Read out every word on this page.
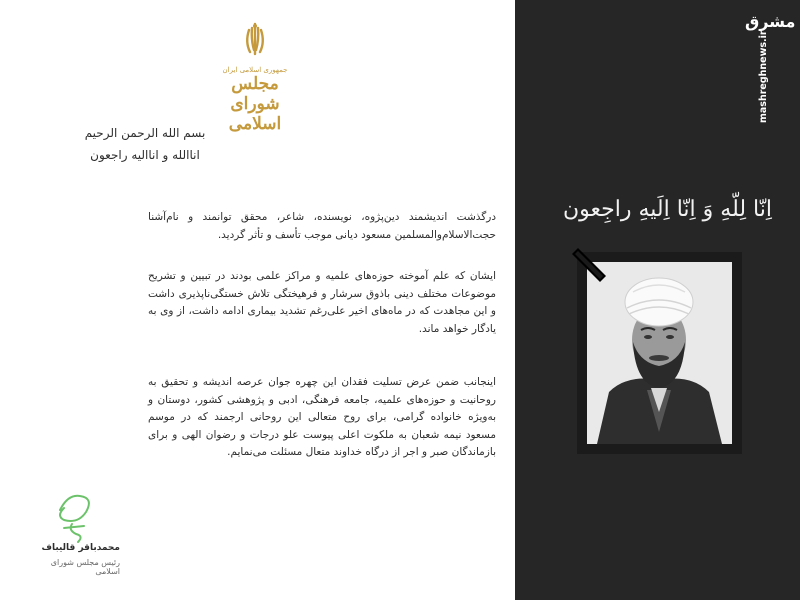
جمهوری اسلامی ایران
مجلس شورای اسلامی
بسم الله الرحمن الرحیم
اناالله و اناالیه راجعون
درگذشت اندیشمند دین‌پژوه، نویسنده، شاعر، محقق توانمند و نام‌آشنا حجت‌الاسلام‌والمسلمین مسعود دیانی موجب تأسف و تأثر گردید.
ایشان که علم آموخته حوزه‌های علمیه و مراکز علمی بودند در تبیین و تشریح موضوعات مختلف دینی باذوق سرشار و فرهیختگی تلاش خستگی‌ناپذیری داشت و این مجاهدت که در ماه‌های اخیر علی‌رغم تشدید بیماری ادامه داشت، از وی به یادگار خواهد ماند.
اینجانب ضمن عرض تسلیت فقدان این چهره جوان عرصه اندیشه و تحقیق به روحانیت و حوزه‌های علمیه، جامعه فرهنگی، ادبی و پژوهشی کشور، دوستان و به‌ویژه خانواده گرامی، برای روح متعالی این روحانی ارجمند که در موسم مسعود نیمه شعبان به ملکوت اعلی پیوست علو درجات و رضوان الهی و برای بازماندگان صبر و اجر از درگاه خداوند متعال مسئلت می‌نمایم.
محمدباقر قالیباف
رئیس مجلس شورای اسلامی
مشرق
mashreghnews.ir
اِنّا لِلّهِ وَ اِنّا اِلَیهِ راجِعون
